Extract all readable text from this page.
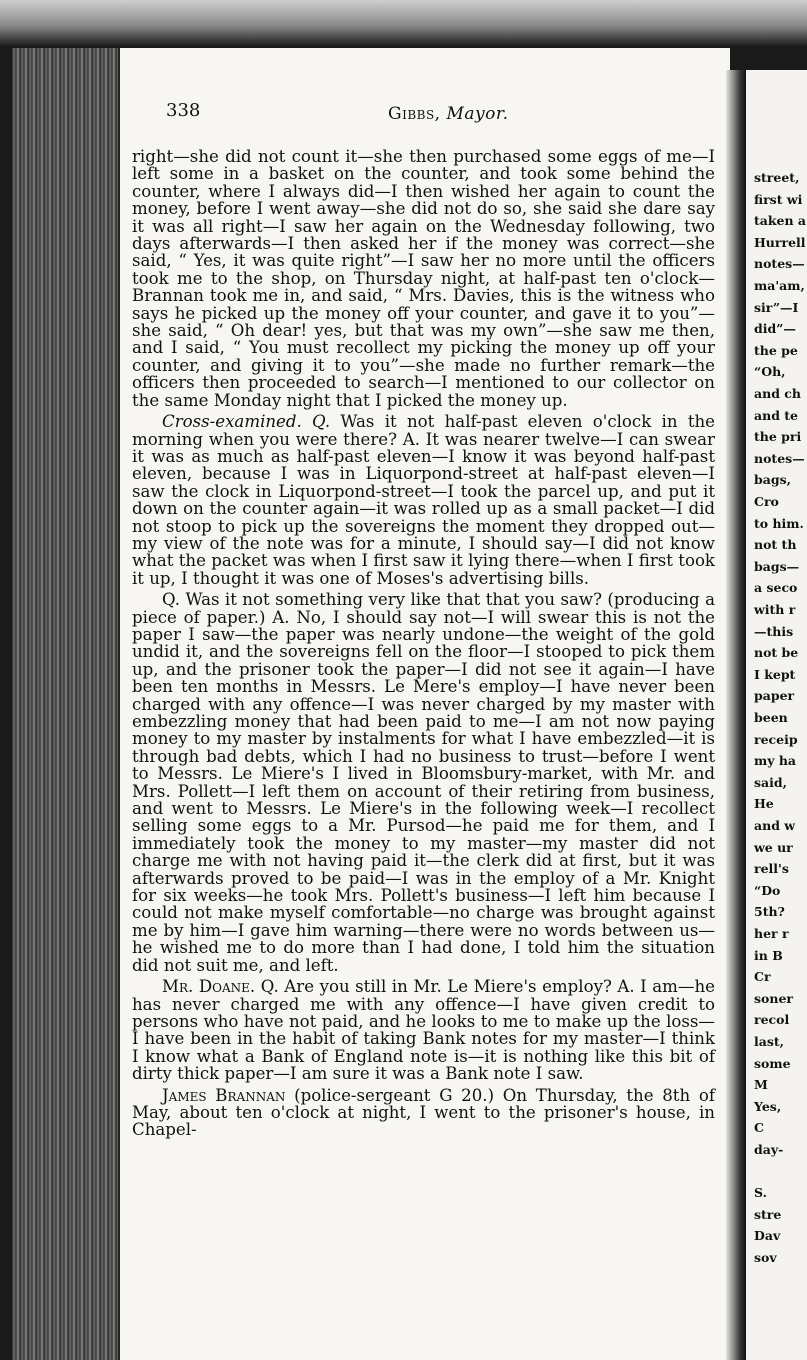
338	Gibbs, Mayor.

right—she did not count it—she then purchased some eggs of me—I left some in a basket on the counter, and took some behind the counter, where I always did—I then wished her again to count the money, before I went away—she did not do so, she said she dare say it was all right—I saw her again on the Wednesday following, two days afterwards—I then asked her if the money was correct—she said, “ Yes, it was quite right”—I saw her no more until the officers took me to the shop, on Thursday night, at half-past ten o'clock—Brannan took me in, and said, “ Mrs. Davies, this is the witness who says he picked up the money off your counter, and gave it to you”—she said, “ Oh dear! yes, but that was my own”—she saw me then, and I said, “ You must recollect my picking the money up off your counter, and giving it to you”—she made no further remark—the officers then proceeded to search—I mentioned to our collector on the same Monday night that I picked the money up.

Cross-examined. Q. Was it not half-past eleven o'clock in the morning when you were there? A. It was nearer twelve—I can swear it was as much as half-past eleven—I know it was beyond half-past eleven, because I was in Liquorpond-street at half-past eleven—I saw the clock in Liquorpond-street—I took the parcel up, and put it down on the counter again—it was rolled up as a small packet—I did not stoop to pick up the sovereigns the moment they dropped out—my view of the note was for a minute, I should say—I did not know what the packet was when I first saw it lying there—when I first took it up, I thought it was one of Moses's advertising bills.

Q. Was it not something very like that that you saw? (producing a piece of paper.) A. No, I should say not—I will swear this is not the paper I saw—the paper was nearly undone—the weight of the gold undid it, and the sovereigns fell on the floor—I stooped to pick them up, and the prisoner took the paper—I did not see it again—I have been ten months in Messrs. Le Mere's employ—I have never been charged with any offence—I was never charged by my master with embezzling money that had been paid to me—I am not now paying money to my master by instalments for what I have embezzled—it is through bad debts, which I had no business to trust—before I went to Messrs. Le Miere's I lived in Bloomsbury-market, with Mr. and Mrs. Pollett—I left them on account of their retiring from business, and went to Messrs. Le Miere's in the following week—I recollect selling some eggs to a Mr. Pursod—he paid me for them, and I immediately took the money to my master—my master did not charge me with not having paid it—the clerk did at first, but it was afterwards proved to be paid—I was in the employ of a Mr. Knight for six weeks—he took Mrs. Pollett's business—I left him because I could not make myself comfortable—no charge was brought against me by him—I gave him warning—there were no words between us—he wished me to do more than I had done, I told him the situation did not suit me, and left.

Mr. Doane. Q. Are you still in Mr. Le Miere's employ? A. I am—he has never charged me with any offence—I have given credit to persons who have not paid, and he looks to me to make up the loss—I have been in the habit of taking Bank notes for my master—I think I know what a Bank of England note is—it is nothing like this bit of dirty thick paper—I am sure it was a Bank note I saw.

James Brannan (police-sergeant G 20.) On Thursday, the 8th of May, about ten o'clock at night, I went to the prisoner's house, in Chapel-

street,
first wi
taken a
Hurrell
notes—
ma'am,
sir”—I
did”—
the pe
“Oh,
and ch
and te
the pri
notes—
bags,
Cro
to him.
not th
bags—
a seco
with r
—this
not be
I kept
paper
been
receip
my ha
said,
He
and w
we ur
rell's
“Do
5th?
her r
in B
Cr
soner
recol
last,
some
M
Yes,
C
day-
S.
stre
Dav
sov
